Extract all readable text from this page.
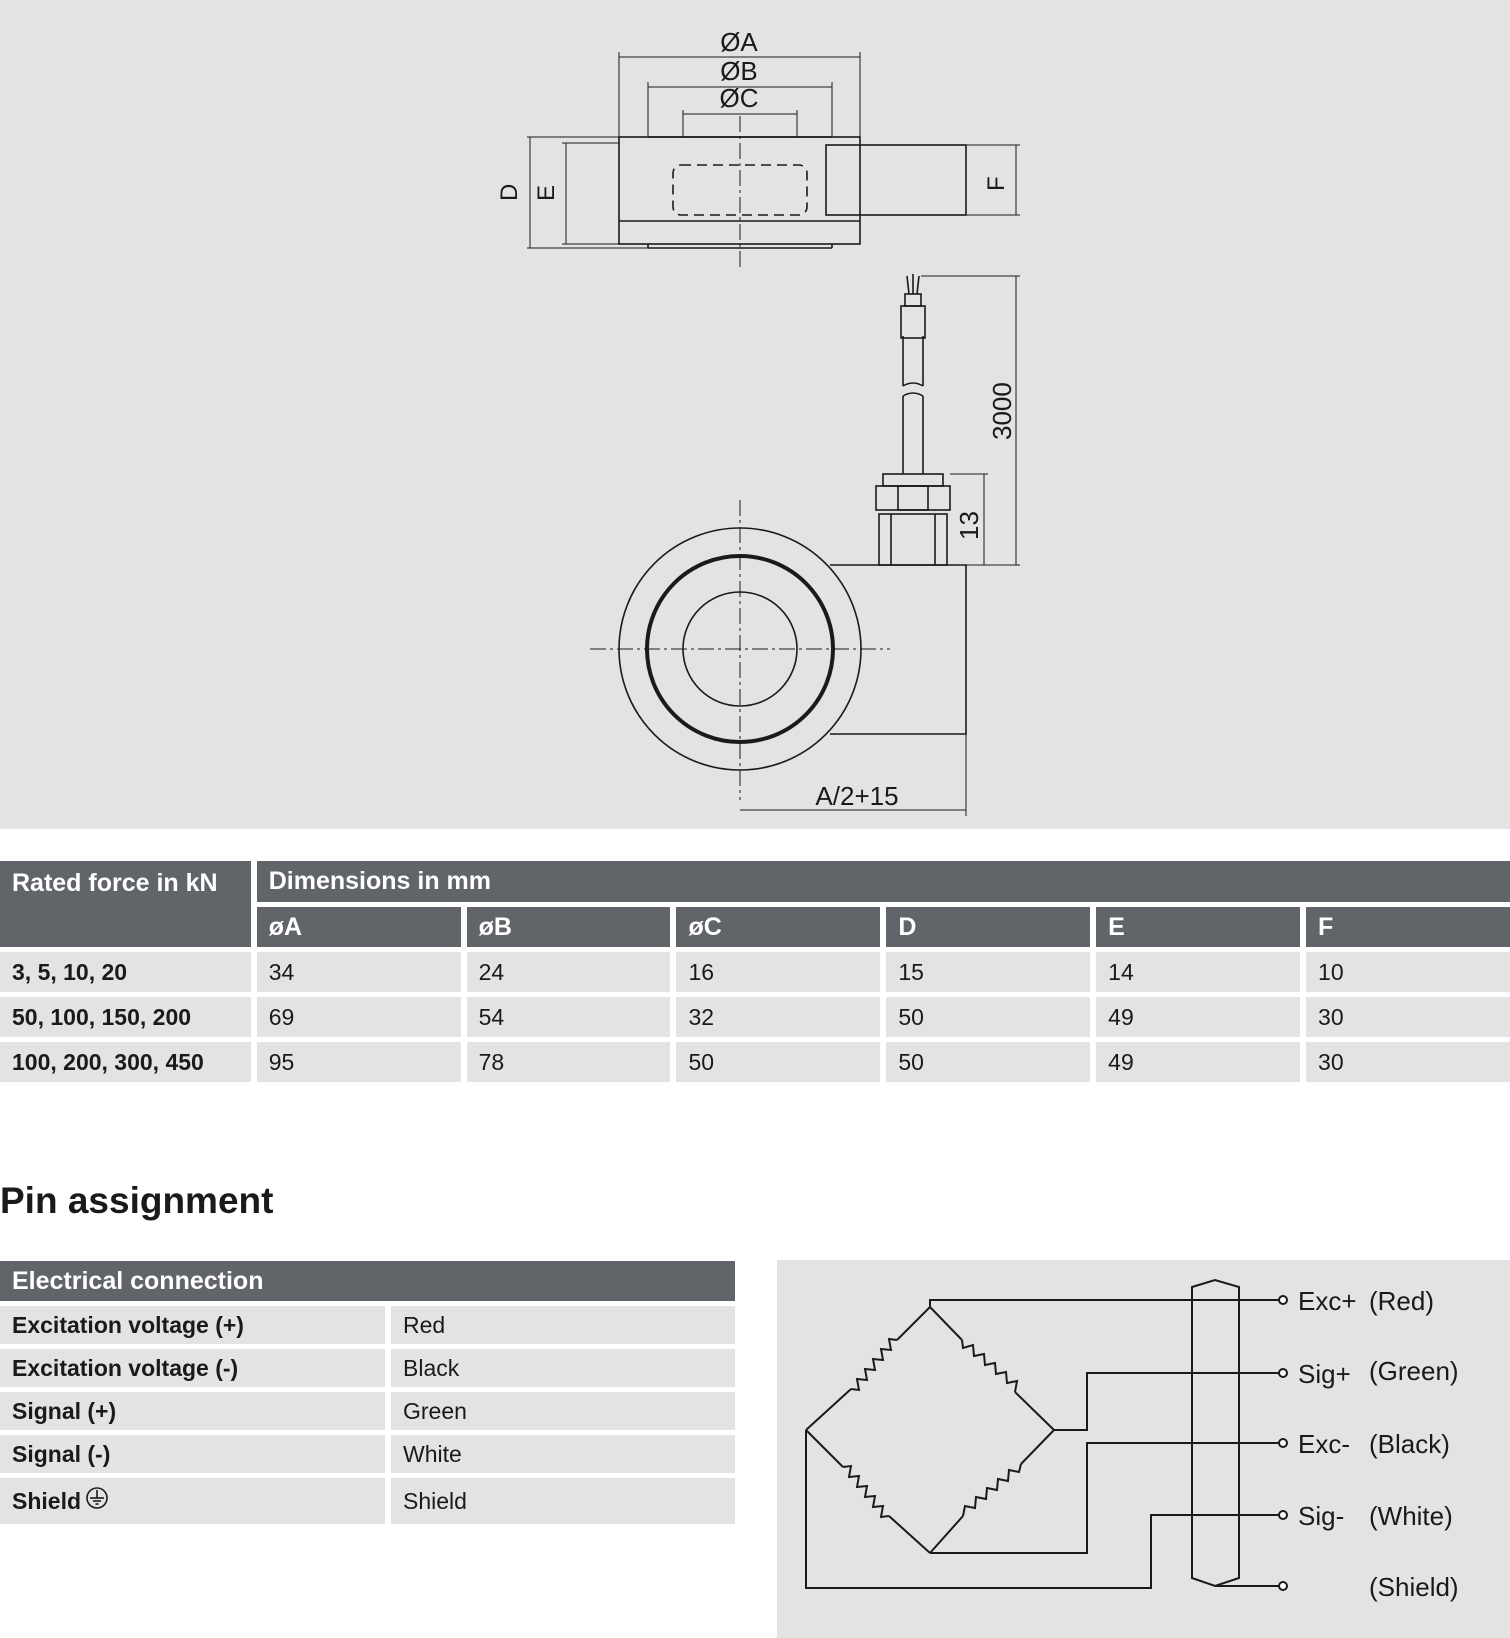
ØA
ØB
ØC
D E
F
3000
13
A/2+15
Rated force in kN	Dimensions in mm					
	øA	øB	øC	D	E	F
3, 5, 10, 20	34	24	16	15	14	10
50, 100, 150, 200	69	54	32	50	49	30
100, 200, 300, 450	95	78	50	50	49	30
Pin assignment
Electrical connection	
Excitation voltage (+)	Red
Excitation voltage (-)	Black
Signal (+)	Green
Signal (-)	White
Shield	Shield
Exc+ (Red)
Sig+ (Green)
Exc- (Black)
Sig- (White)
(Shield)
